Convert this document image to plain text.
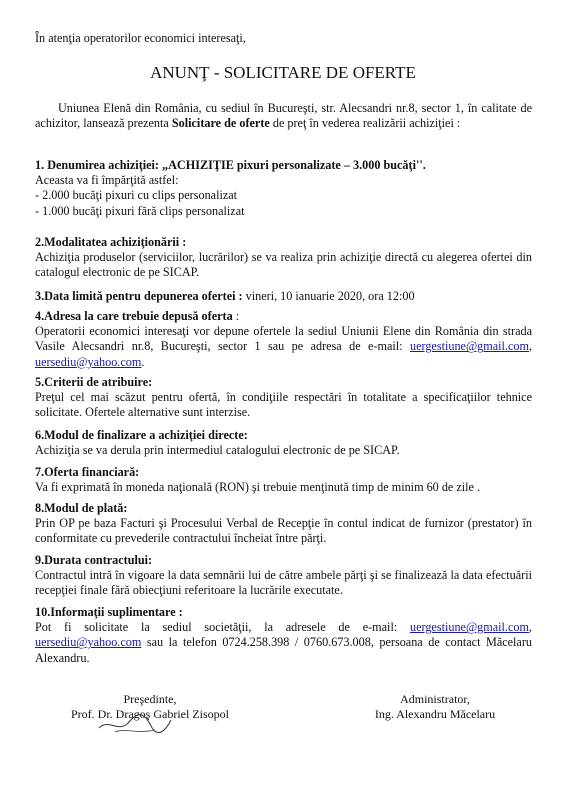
În atenţia operatorilor economici interesaţi,
ANUNŢ - SOLICITARE DE OFERTE
Uniunea Elenă din România, cu sediul în Bucureşti, str. Alecsandri nr.8, sector 1, în calitate de achizitor, lansează prezenta Solicitare de oferte de preţ în vederea realizării achiziţiei :
1. Denumirea achiziţiei: „ACHIZIŢIE pixuri personalizate – 3.000 bucăţi''.
Aceasta va fi împărţită astfel:
- 2.000 bucăţi pixuri cu clips personalizat
- 1.000 bucăţi pixuri fără clips personalizat
2.Modalitatea achiziţionării :
Achiziţia produselor (serviciilor, lucrărilor) se va realiza prin achiziţie directă cu alegerea ofertei din catalogul electronic de pe SICAP.
3.Data limită pentru depunerea ofertei : vineri, 10 ianuarie 2020, ora 12:00
4.Adresa la care trebuie depusă oferta :
Operatorii economici interesaţi vor depune ofertele la sediul Uniunii Elene din România din strada Vasile Alecsandri nr.8, Bucureşti, sector 1 sau pe adresa de e-mail: uergestiune@gmail.com, uersediu@yahoo.com.
5.Criterii de atribuire:
Preţul cel mai scăzut pentru ofertă, în condiţiile respectări în totalitate a specificaţiilor tehnice solicitate. Ofertele alternative sunt interzise.
6.Modul de finalizare a achiziţiei directe:
Achiziţia se va derula prin intermediul catalogului electronic de pe SICAP.
7.Oferta financiară:
Va fi exprimată în moneda naţională (RON) şi trebuie menţinută timp de minim 60 de zile .
8.Modul de plată:
Prin OP pe baza Facturi şi Procesului Verbal de Recepţie în contul indicat de furnizor (prestator) în conformitate cu prevederile contractului încheiat între părţi.
9.Durata contractului:
Contractul intră în vigoare la data semnării lui de către ambele părţi şi se finalizează la data efectuării recepţiei finale fără obiecţiuni referitoare la lucrările executate.
10.Informaţii suplimentare :
Pot fi solicitate la sediul societăţii, la adresele de e-mail: uergestiune@gmail.com, uersediu@yahoo.com sau la telefon 0724.258.398 / 0760.673.008, persoana de contact Măcelaru Alexandru.
Preşedinte,
Prof. Dr. Dragoş Gabriel Zisopol
Administrator,
Ing. Alexandru Măcelaru
